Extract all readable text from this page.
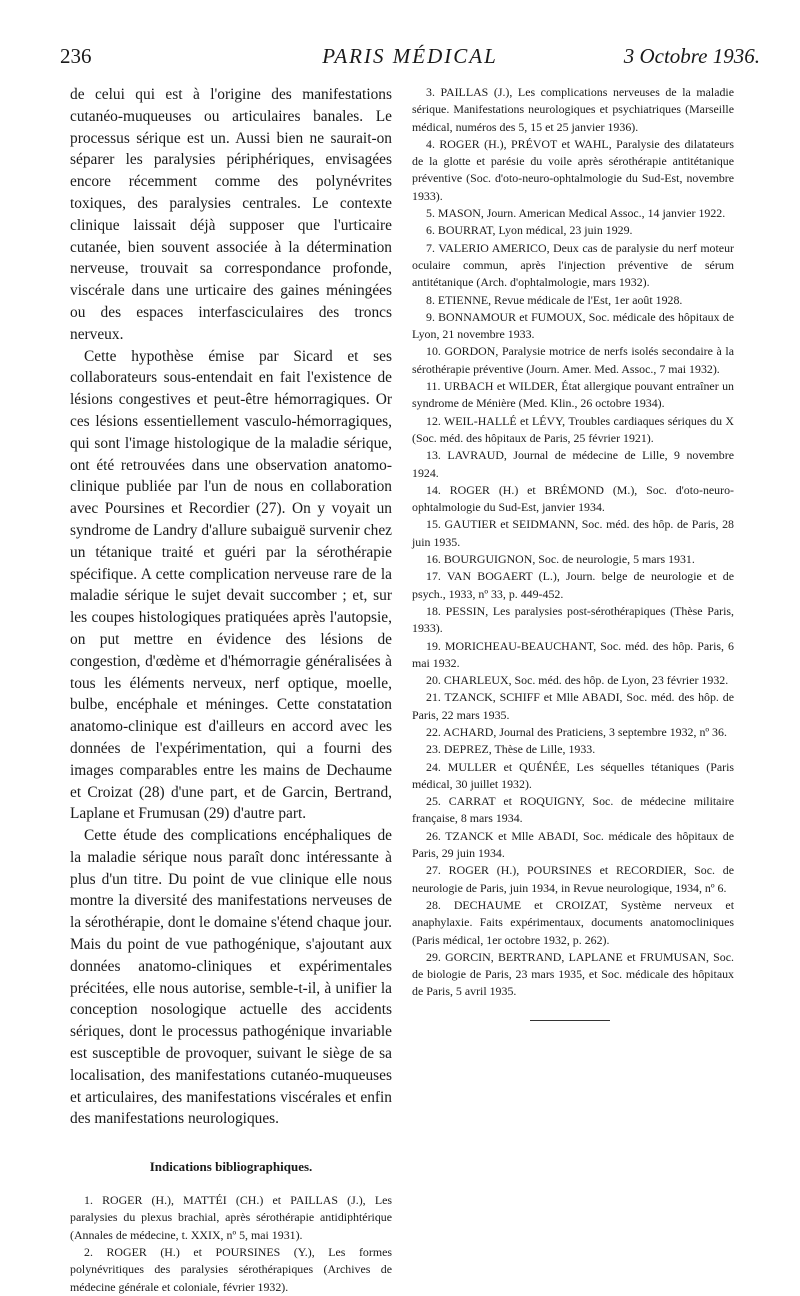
236	PARIS MÉDICAL	3 Octobre 1936.

de celui qui est à l'origine des manifestations cutanéo-muqueuses ou articulaires banales. Le processus sérique est un. Aussi bien ne saurait-on séparer les paralysies périphériques, envisagées encore récemment comme des polynévrites toxiques, des paralysies centrales. Le contexte clinique laissait déjà supposer que l'urticaire cutanée, bien souvent associée à la détermination nerveuse, trouvait sa correspondance profonde, viscérale dans une urticaire des gaines méningées ou des espaces interfasciculaires des troncs nerveux.

Cette hypothèse émise par Sicard et ses collaborateurs sous-entendait en fait l'existence de lésions congestives et peut-être hémorragiques. Or ces lésions essentiellement vasculo-hémorragiques, qui sont l'image histologique de la maladie sérique, ont été retrouvées dans une observation anatomo-clinique publiée par l'un de nous en collaboration avec Poursines et Recordier (27). On y voyait un syndrome de Landry d'allure subaiguë survenir chez un tétanique traité et guéri par la sérothérapie spécifique. A cette complication nerveuse rare de la maladie sérique le sujet devait succomber ; et, sur les coupes histologiques pratiquées après l'autopsie, on put mettre en évidence des lésions de congestion, d'œdème et d'hémorragie généralisées à tous les éléments nerveux, nerf optique, moelle, bulbe, encéphale et méninges. Cette constatation anatomo-clinique est d'ailleurs en accord avec les données de l'expérimentation, qui a fourni des images comparables entre les mains de Dechaume et Croizat (28) d'une part, et de Garcin, Bertrand, Laplane et Frumusan (29) d'autre part.

Cette étude des complications encéphaliques de la maladie sérique nous paraît donc intéressante à plus d'un titre. Du point de vue clinique elle nous montre la diversité des manifestations nerveuses de la sérothérapie, dont le domaine s'étend chaque jour. Mais du point de vue pathogénique, s'ajoutant aux données anatomo-cliniques et expérimentales précitées, elle nous autorise, semble-t-il, à unifier la conception nosologique actuelle des accidents sériques, dont le processus pathogénique invariable est susceptible de provoquer, suivant le siège de sa localisation, des manifestations cutanéo-muqueuses et articulaires, des manifestations viscérales et enfin des manifestations neurologiques.

Indications bibliographiques.

1. ROGER (H.), MATTÉI (CH.) et PAILLAS (J.), Les paralysies du plexus brachial, après sérothérapie antidiphtérique (Annales de médecine, t. XXIX, nº 5, mai 1931).

2. ROGER (H.) et POURSINES (Y.), Les formes polynévritiques des paralysies sérothérapiques (Archives de médecine générale et coloniale, février 1932).

3. PAILLAS (J.), Les complications nerveuses de la maladie sérique. Manifestations neurologiques et psychiatriques (Marseille médical, numéros des 5, 15 et 25 janvier 1936).

4. ROGER (H.), PRÉVOT et WAHL, Paralysie des dilatateurs de la glotte et parésie du voile après sérothérapie antitétanique préventive (Soc. d'oto-neuro-ophtalmologie du Sud-Est, novembre 1933).

5. MASON, Journ. American Medical Assoc., 14 janvier 1922.

6. BOURRAT, Lyon médical, 23 juin 1929.

7. VALERIO AMERICO, Deux cas de paralysie du nerf moteur oculaire commun, après l'injection préventive de sérum antitétanique (Arch. d'ophtalmologie, mars 1932).

8. ETIENNE, Revue médicale de l'Est, 1er août 1928.

9. BONNAMOUR et FUMOUX, Soc. médicale des hôpitaux de Lyon, 21 novembre 1933.

10. GORDON, Paralysie motrice de nerfs isolés secondaire à la sérothérapie préventive (Journ. Amer. Med. Assoc., 7 mai 1932).

11. URBACH et WILDER, État allergique pouvant entraîner un syndrome de Ménière (Med. Klin., 26 octobre 1934).

12. WEIL-HALLÉ et LÉVY, Troubles cardiaques sériques du X (Soc. méd. des hôpitaux de Paris, 25 février 1921).

13. LAVRAUD, Journal de médecine de Lille, 9 novembre 1924.

14. ROGER (H.) et BRÉMOND (M.), Soc. d'oto-neuro-ophtalmologie du Sud-Est, janvier 1934.

15. GAUTIER et SEIDMANN, Soc. méd. des hôp. de Paris, 28 juin 1935.

16. BOURGUIGNON, Soc. de neurologie, 5 mars 1931.

17. VAN BOGAERT (L.), Journ. belge de neurologie et de psych., 1933, nº 33, p. 449-452.

18. PESSIN, Les paralysies post-sérothérapiques (Thèse Paris, 1933).

19. MORICHEAU-BEAUCHANT, Soc. méd. des hôp. Paris, 6 mai 1932.

20. CHARLEUX, Soc. méd. des hôp. de Lyon, 23 février 1932.

21. TZANCK, SCHIFF et Mlle ABADI, Soc. méd. des hôp. de Paris, 22 mars 1935.

22. ACHARD, Journal des Praticiens, 3 septembre 1932, nº 36.

23. DEPREZ, Thèse de Lille, 1933.

24. MULLER et QUÉNÉE, Les séquelles tétaniques (Paris médical, 30 juillet 1932).

25. CARRAT et ROQUIGNY, Soc. de médecine militaire française, 8 mars 1934.

26. TZANCK et Mlle ABADI, Soc. médicale des hôpitaux de Paris, 29 juin 1934.

27. ROGER (H.), POURSINES et RECORDIER, Soc. de neurologie de Paris, juin 1934, in Revue neurologique, 1934, nº 6.

28. DECHAUME et CROIZAT, Système nerveux et anaphylaxie. Faits expérimentaux, documents anatomocliniques (Paris médical, 1er octobre 1932, p. 262).

29. GORCIN, BERTRAND, LAPLANE et FRUMUSAN, Soc. de biologie de Paris, 23 mars 1935, et Soc. médicale des hôpitaux de Paris, 5 avril 1935.
